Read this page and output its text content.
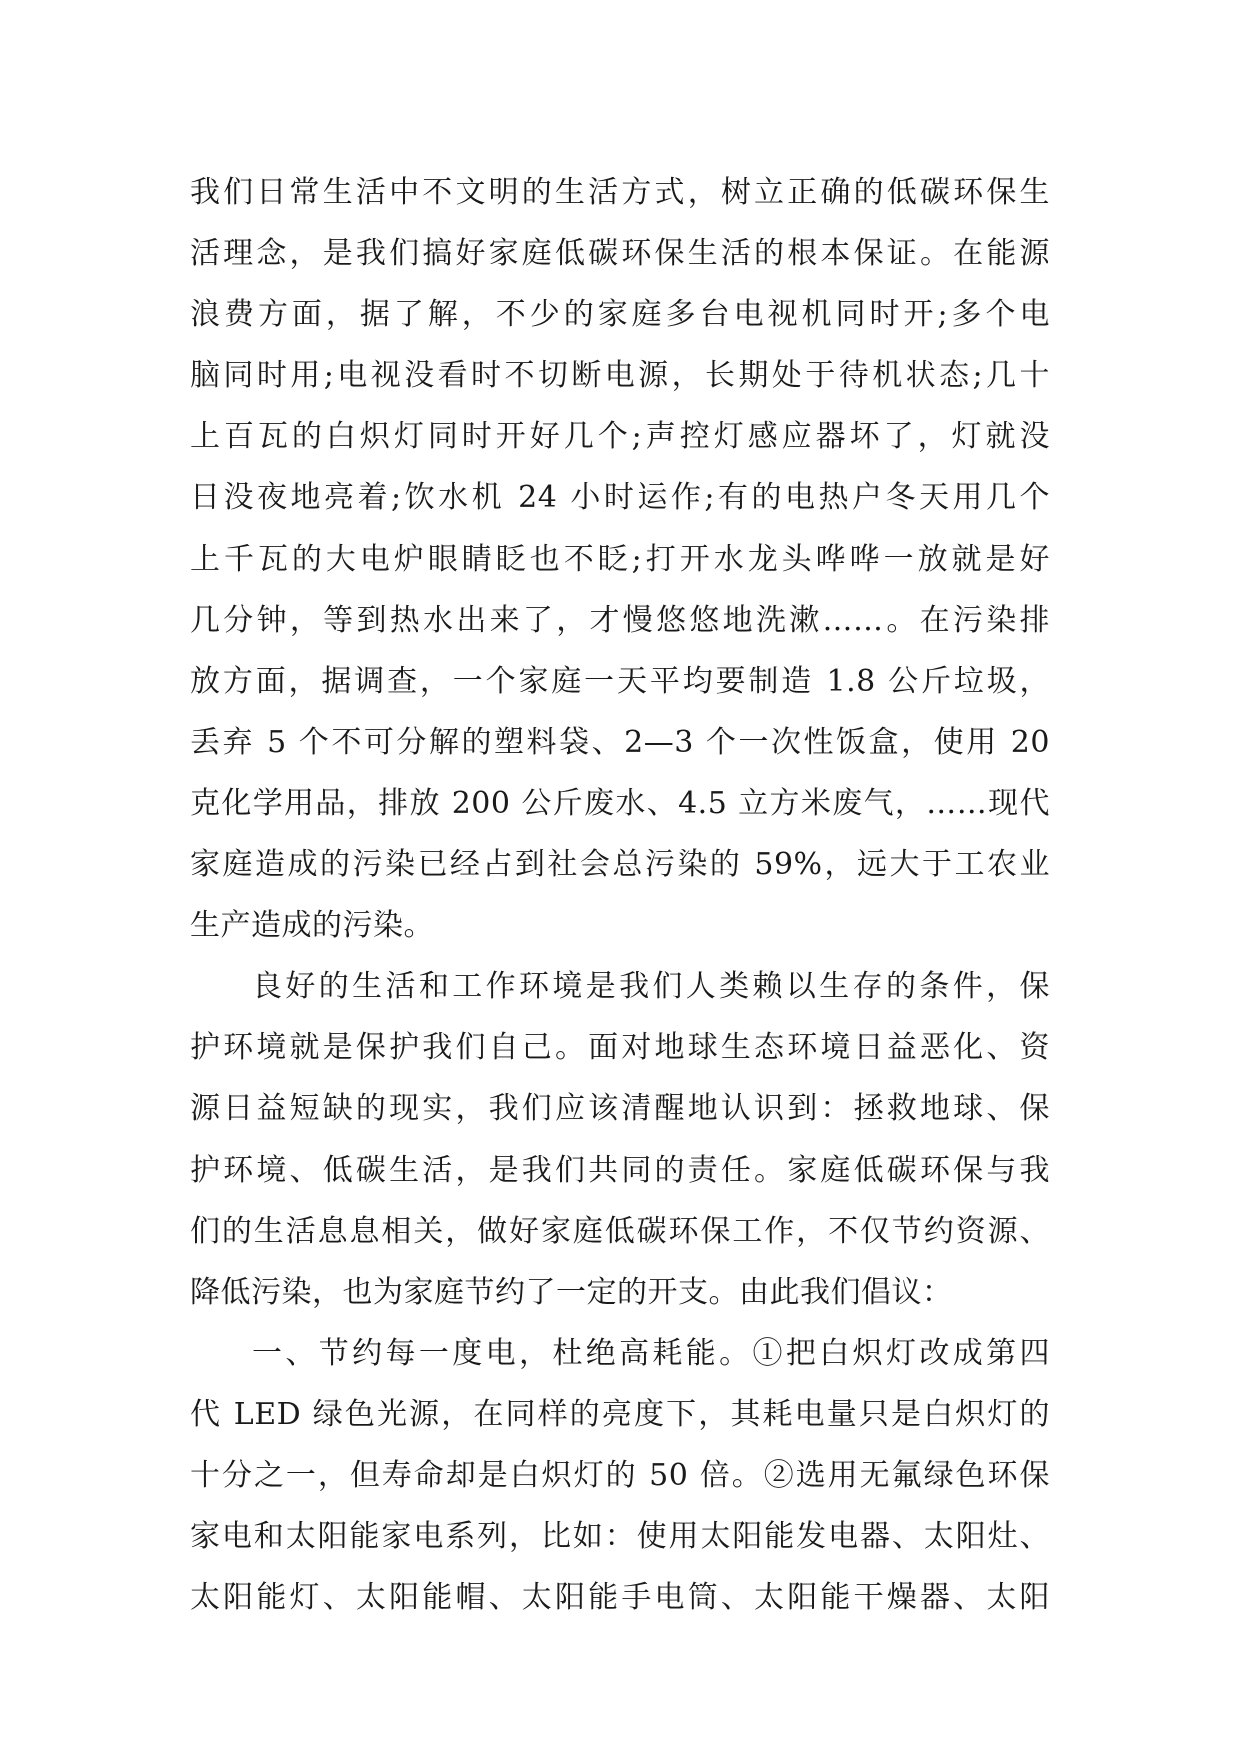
我们日常生活中不文明的生活方式，树立正确的低碳环保生
活理念，是我们搞好家庭低碳环保生活的根本保证。在能源
浪费方面，据了解，不少的家庭多台电视机同时开;多个电
脑同时用;电视没看时不切断电源，长期处于待机状态;几十
上百瓦的白炽灯同时开好几个;声控灯感应器坏了，灯就没
日没夜地亮着;饮水机 24 小时运作;有的电热户冬天用几个
上千瓦的大电炉眼睛眨也不眨;打开水龙头哗哗一放就是好
几分钟，等到热水出来了，才慢悠悠地洗漱……。在污染排
放方面，据调查，一个家庭一天平均要制造 1.8 公斤垃圾，
丢弃 5 个不可分解的塑料袋、2—3 个一次性饭盒，使用 20
克化学用品，排放 200 公斤废水、4.5 立方米废气，……现代
家庭造成的污染已经占到社会总污染的 59%，远大于工农业
生产造成的污染。
良好的生活和工作环境是我们人类赖以生存的条件，保
护环境就是保护我们自己。面对地球生态环境日益恶化、资
源日益短缺的现实，我们应该清醒地认识到：拯救地球、保
护环境、低碳生活，是我们共同的责任。家庭低碳环保与我
们的生活息息相关，做好家庭低碳环保工作，不仅节约资源、
降低污染，也为家庭节约了一定的开支。由此我们倡议：
一、节约每一度电，杜绝高耗能。①把白炽灯改成第四
代 LED 绿色光源，在同样的亮度下，其耗电量只是白炽灯的
十分之一，但寿命却是白炽灯的 50 倍。②选用无氟绿色环保
家电和太阳能家电系列，比如：使用太阳能发电器、太阳灶、
太阳能灯、太阳能帽、太阳能手电筒、太阳能干燥器、太阳
